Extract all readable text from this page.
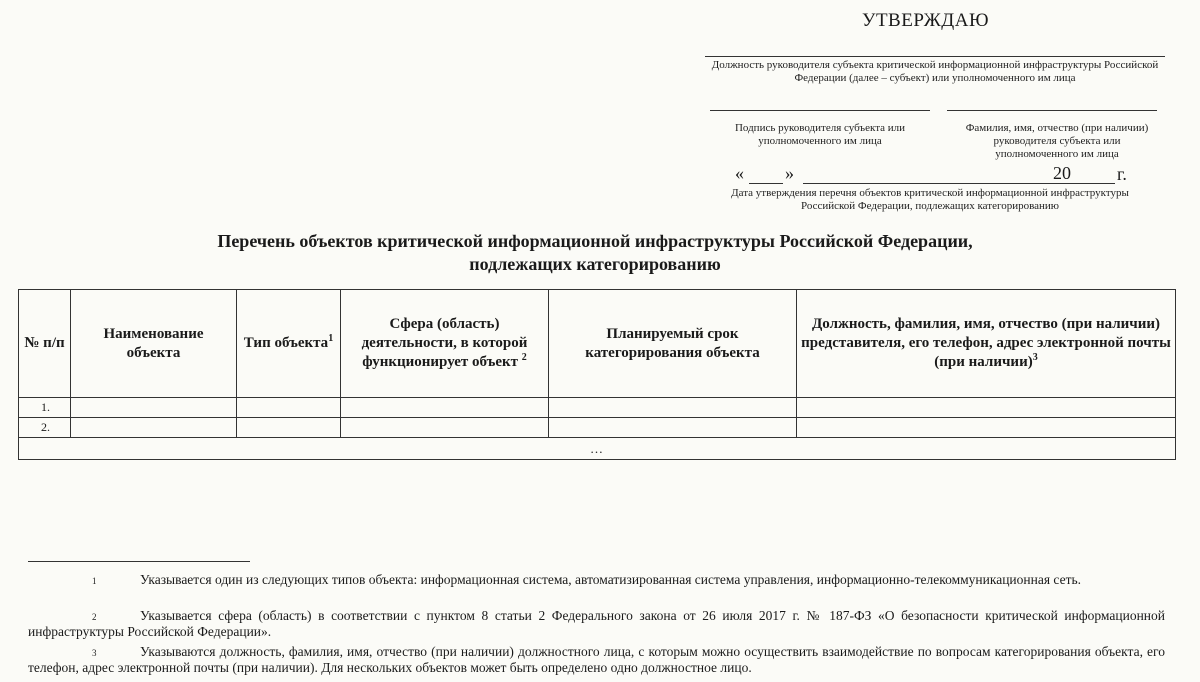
УТВЕРЖДАЮ
Должность руководителя субъекта критической информационной инфраструктуры Российской Федерации (далее – субъект) или уполномоченного им лица
Подпись руководителя субъекта или уполномоченного им лица
Фамилия, имя, отчество (при наличии) руководителя субъекта или уполномоченного им лица
« »	20	г.
Дата утверждения перечня объектов критической информационной инфраструктуры Российской Федерации, подлежащих категорированию
Перечень объектов критической информационной инфраструктуры Российской Федерации,
подлежащих категорированию
№ п/п	Наименование объекта	Тип объекта$^1$	Сфера (область) деятельности, в которой функционирует объект $^2$	Планируемый срок категорирования объекта	Должность, фамилия, имя, отчество (при наличии) представителя, его телефон, адрес электронной почты (при наличии)$^3$
1.					
2.					
…					
1	Указывается один из следующих типов объекта: информационная система, автоматизированная система управления, информационно-телекоммуникационная сеть.
2	Указывается сфера (область) в соответствии с пунктом 8 статьи 2 Федерального закона от 26 июля 2017 г. № 187-ФЗ «О безопасности критической информационной инфраструктуры Российской Федерации».
3	Указываются должность, фамилия, имя, отчество (при наличии) должностного лица, с которым можно осуществить взаимодействие по вопросам категорирования объекта, его телефон, адрес электронной почты (при наличии). Для нескольких объектов может быть определено одно должностное лицо.
